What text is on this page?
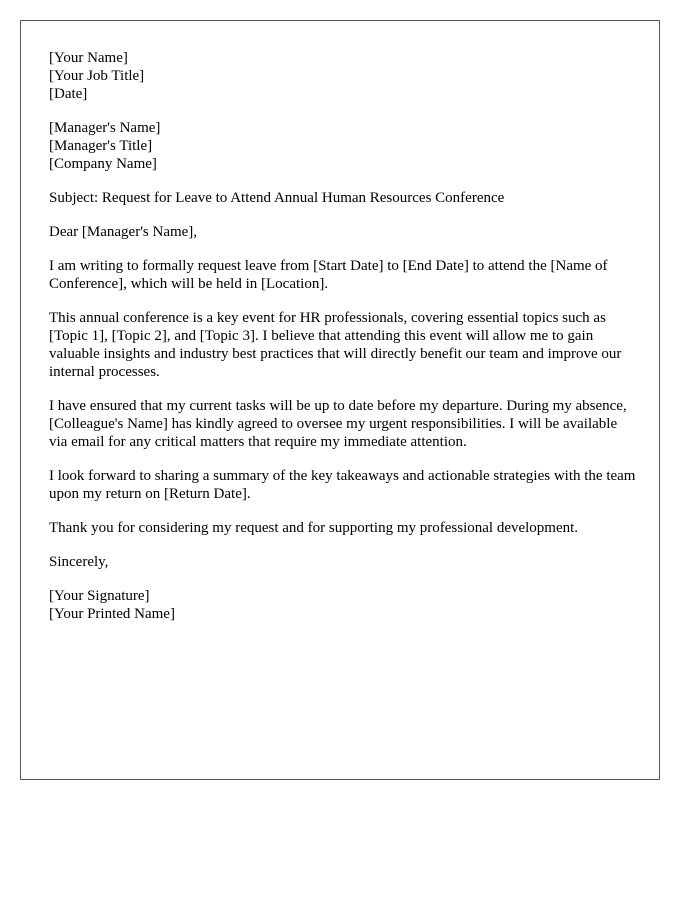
[Your Name]
[Your Job Title]
[Date]
[Manager's Name]
[Manager's Title]
[Company Name]

Subject: Request for Leave to Attend Annual Human Resources Conference

Dear [Manager's Name],

I am writing to formally request leave from [Start Date] to [End Date] to attend the [Name of Conference], which will be held in [Location].

This annual conference is a key event for HR professionals, covering essential topics such as [Topic 1], [Topic 2], and [Topic 3]. I believe that attending this event will allow me to gain valuable insights and industry best practices that will directly benefit our team and improve our internal processes.

I have ensured that my current tasks will be up to date before my departure. During my absence, [Colleague's Name] has kindly agreed to oversee my urgent responsibilities. I will be available via email for any critical matters that require my immediate attention.

I look forward to sharing a summary of the key takeaways and actionable strategies with the team upon my return on [Return Date].

Thank you for considering my request and for supporting my professional development.

Sincerely,

[Your Signature]
[Your Printed Name]
